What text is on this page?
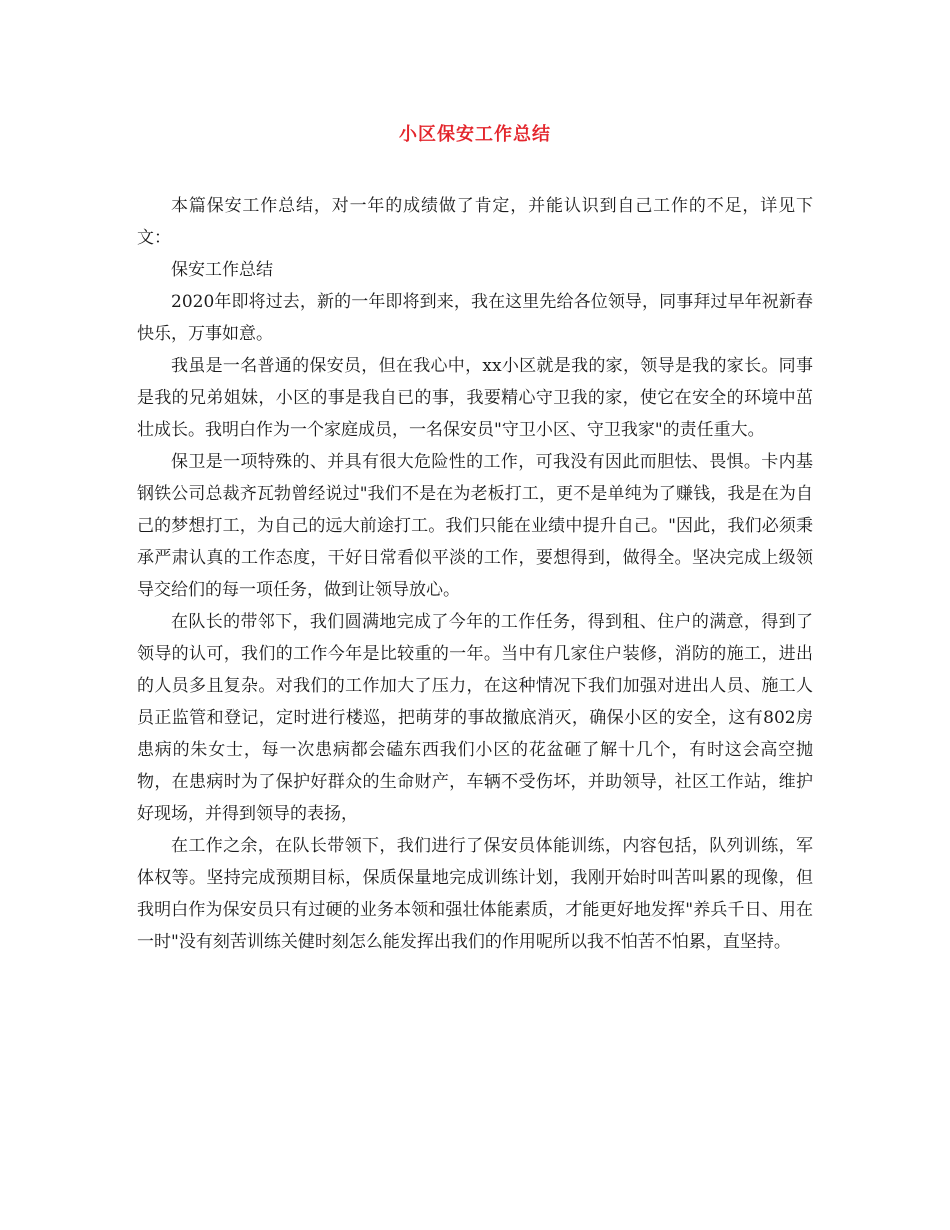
小区保安工作总结

本篇保安工作总结，对一年的成绩做了肯定，并能认识到自己工作的不足，详见下文：

保安工作总结

2020年即将过去，新的一年即将到来，我在这里先给各位领导，同事拜过早年祝新春快乐，万事如意。

我虽是一名普通的保安员，但在我心中，xx小区就是我的家，领导是我的家长。同事是我的兄弟姐妹，小区的事是我自已的事，我要精心守卫我的家，使它在安全的环境中茁壮成长。我明白作为一个家庭成员，一名保安员"守卫小区、守卫我家"的责任重大。

保卫是一项特殊的、并具有很大危险性的工作，可我没有因此而胆怯、畏惧。卡内基钢铁公司总裁齐瓦勃曾经说过"我们不是在为老板打工，更不是单纯为了赚钱，我是在为自己的梦想打工，为自己的远大前途打工。我们只能在业绩中提升自己。"因此，我们必须秉承严肃认真的工作态度，干好日常看似平淡的工作，要想得到，做得全。坚决完成上级领导交给们的每一项任务，做到让领导放心。

在队长的带邻下，我们圆满地完成了今年的工作任务，得到租、住户的满意，得到了领导的认可，我们的工作今年是比较重的一年。当中有几家住户装修，消防的施工，进出的人员多且复杂。对我们的工作加大了压力，在这种情况下我们加强对进出人员、施工人员正监管和登记，定时进行楼巡，把萌芽的事故撤底消灭，确保小区的安全，这有802房患病的朱女士，每一次患病都会磕东西我们小区的花盆砸了解十几个，有时这会高空抛物，在患病时为了保护好群众的生命财产，车辆不受伤坏，并助领导，社区工作站，维护好现场，并得到领导的表扬，

在工作之余，在队长带领下，我们进行了保安员体能训练，内容包括，队列训练，军体权等。坚持完成预期目标，保质保量地完成训练计划，我刚开始时叫苦叫累的现像，但我明白作为保安员只有过硬的业务本领和强壮体能素质，才能更好地发挥"养兵千日、用在一时"没有刻苦训练关健时刻怎么能发挥出我们的作用呢所以我不怕苦不怕累，直坚持。
